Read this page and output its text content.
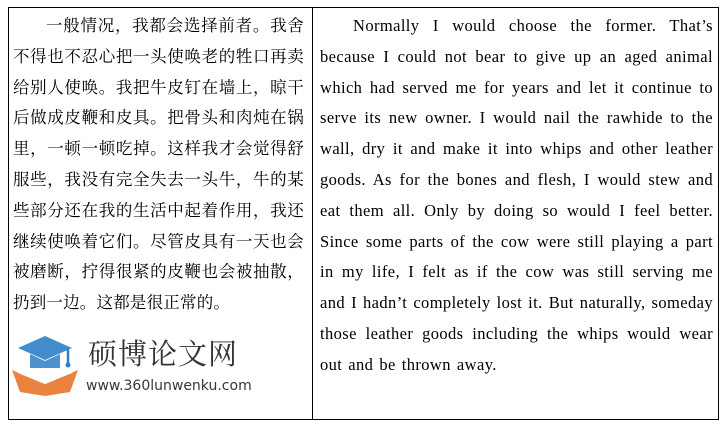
一般情况，我都会选择前者。我舍不得也不忍心把一头使唤老的牲口再卖给别人使唤。我把牛皮钉在墙上，晾干后做成皮鞭和皮具。把骨头和肉炖在锅里，一顿一顿吃掉。这样我才会觉得舒服些，我没有完全失去一头牛，牛的某些部分还在我的生活中起着作用，我还继续使唤着它们。尽管皮具有一天也会被磨断，拧得很紧的皮鞭也会被抽散，扔到一边。这都是很正常的。
Normally I would choose the former. That’s because I could not bear to give up an aged animal which had served me for years and let it continue to serve its new owner. I would nail the rawhide to the wall, dry it and make it into whips and other leather goods. As for the bones and flesh, I would stew and eat them all. Only by doing so would I feel better. Since some parts of the cow were still playing a part in my life, I felt as if the cow was still serving me and I hadn’t completely lost it. But naturally, someday those leather goods including the whips would wear out and be thrown away.
硕博论文网
www.360lunwenku.com
